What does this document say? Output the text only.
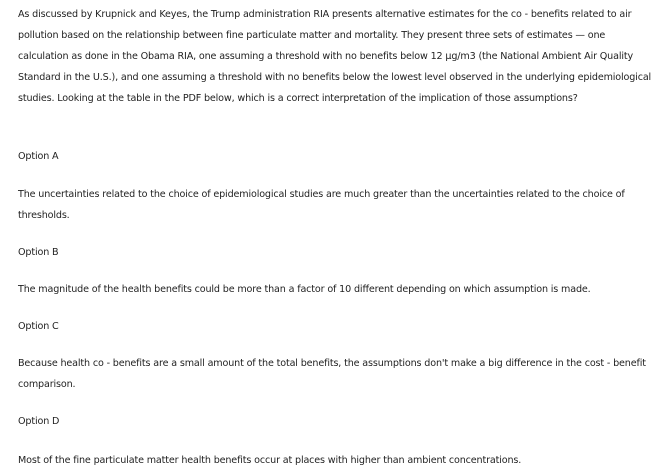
As discussed by Krupnick and Keyes, the Trump administration RIA presents alternative estimates for the co - benefits related to air pollution based on the relationship between fine particulate matter and mortality. They present three sets of estimates — one calculation as done in the Obama RIA, one assuming a threshold with no benefits below 12 μg/m3 (the National Ambient Air Quality Standard in the U.S.), and one assuming a threshold with no benefits below the lowest level observed in the underlying epidemiological studies. Looking at the table in the PDF below, which is a correct interpretation of the implication of those assumptions?

Option A

The uncertainties related to the choice of epidemiological studies are much greater than the uncertainties related to the choice of thresholds.

Option B

The magnitude of the health benefits could be more than a factor of 10 different depending on which assumption is made.

Option C

Because health co - benefits are a small amount of the total benefits, the assumptions don't make a big difference in the cost - benefit comparison.

Option D

Most of the fine particulate matter health benefits occur at places with higher than ambient concentrations.
